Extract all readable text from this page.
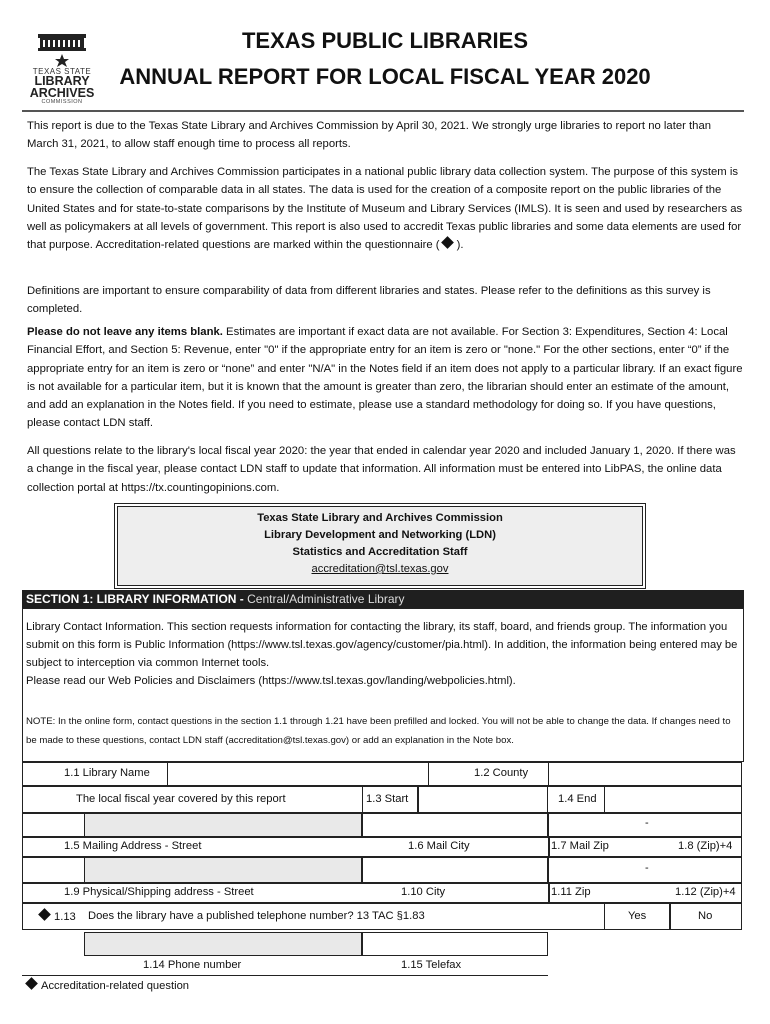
TEXAS STATE
LIBRARY
ARCHIVES
COMMISSION
TEXAS PUBLIC LIBRARIES
ANNUAL REPORT FOR LOCAL FISCAL YEAR 2020
This report is due to the Texas State Library and Archives Commission by April 30, 2021. We strongly urge libraries to report no later than March 31, 2021, to allow staff enough time to process all reports.
The Texas State Library and Archives Commission participates in a national public library data collection system. The purpose of this system is to ensure the collection of comparable data in all states. The data is used for the creation of a composite report on the public libraries of the United States and for state-to-state comparisons by the Institute of Museum and Library Services (IMLS). It is seen and used by researchers as well as policymakers at all levels of government. This report is also used to accredit Texas public libraries and some data elements are used for that purpose. Accreditation-related questions are marked within the questionnaire ( ).
Definitions are important to ensure comparability of data from different libraries and states. Please refer to the definitions as this survey is completed.
Please do not leave any items blank. Estimates are important if exact data are not available. For Section 3: Expenditures, Section 4: Local Financial Effort, and Section 5: Revenue, enter "0" if the appropriate entry for an item is zero or "none." For the other sections, enter “0” if the appropriate entry for an item is zero or “none” and enter "N/A" in the Notes field if an item does not apply to a particular library. If an exact figure is not available for a particular item, but it is known that the amount is greater than zero, the librarian should enter an estimate of the amount, and add an explanation in the Notes field. If you need to estimate, please use a standard methodology for doing so. If you have questions, please contact LDN staff.
All questions relate to the library's local fiscal year 2020: the year that ended in calendar year 2020 and included January 1, 2020. If there was a change in the fiscal year, please contact LDN staff to update that information. All information must be entered into LibPAS, the online data collection portal at https://tx.countingopinions.com.
Texas State Library and Archives Commission
Library Development and Networking (LDN)
Statistics and Accreditation Staff
accreditation@tsl.texas.gov
SECTION 1: LIBRARY INFORMATION - Central/Administrative Library
Library Contact Information. This section requests information for contacting the library, its staff, board, and friends group. The information you submit on this form is Public Information (https://www.tsl.texas.gov/agency/customer/pia.html). In addition, the information being entered may be subject to interception via common Internet tools.
Please read our Web Policies and Disclaimers (https://www.tsl.texas.gov/landing/webpolicies.html).
NOTE: In the online form, contact questions in the section 1.1 through 1.21 have been prefilled and locked. You will not be able to change the data. If changes need to be made to these questions, contact LDN staff (accreditation@tsl.texas.gov) or add an explanation in the Note box.
1.1 Library Name	1.2 County
The local fiscal year covered by this report	1.3 Start	1.4 End
-
1.5 Mailing Address - Street	1.6 Mail City	1.7 Mail Zip	1.8 (Zip)+4
-
1.9 Physical/Shipping address - Street	1.10 City	1.11 Zip	1.12 (Zip)+4
1.13 Does the library have a published telephone number? 13 TAC §1.83	Yes	No
1.14 Phone number	1.15 Telefax
Accreditation-related question
